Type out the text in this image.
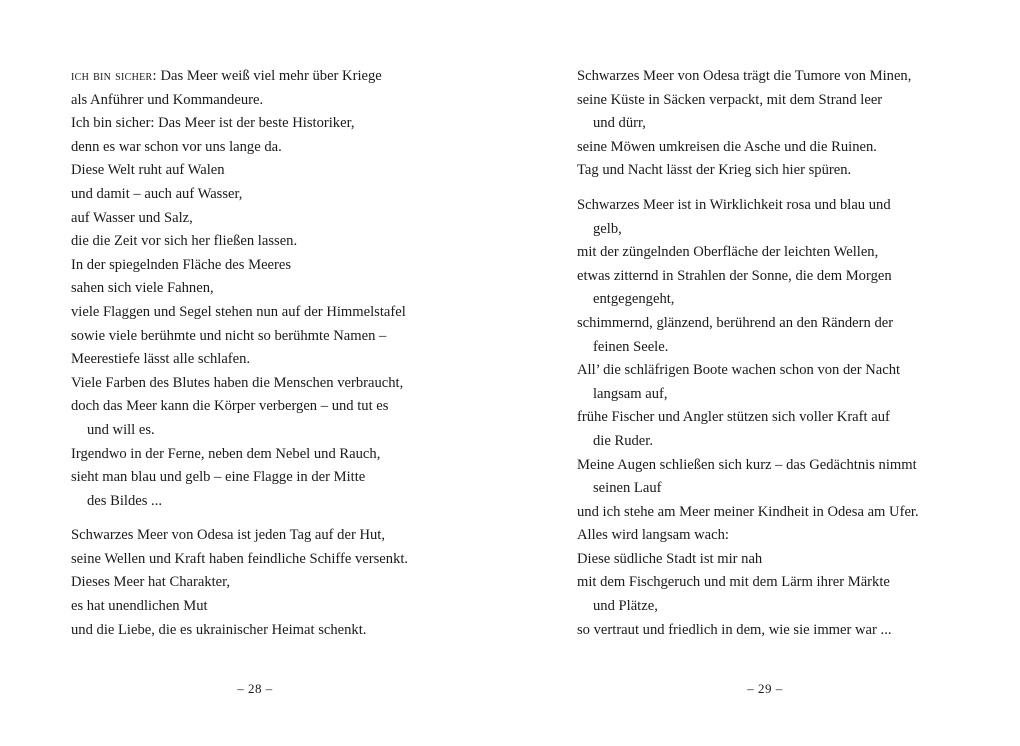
ich bin sicher: Das Meer weiß viel mehr über Kriege
als Anführer und Kommandeure.
Ich bin sicher: Das Meer ist der beste Historiker,
denn es war schon vor uns lange da.
Diese Welt ruht auf Walen
und damit – auch auf Wasser,
auf Wasser und Salz,
die die Zeit vor sich her fließen lassen.
In der spiegelnden Fläche des Meeres
sahen sich viele Fahnen,
viele Flaggen und Segel stehen nun auf der Himmelstafel
sowie viele berühmte und nicht so berühmte Namen –
Meerestiefe lässt alle schlafen.
Viele Farben des Blutes haben die Menschen verbraucht,
doch das Meer kann die Körper verbergen – und tut es
und will es.
Irgendwo in der Ferne, neben dem Nebel und Rauch,
sieht man blau und gelb – eine Flagge in der Mitte
des Bildes ...
Schwarzes Meer von Odesa ist jeden Tag auf der Hut,
seine Wellen und Kraft haben feindliche Schiffe versenkt.
Dieses Meer hat Charakter,
es hat unendlichen Mut
und die Liebe, die es ukrainischer Heimat schenkt.
– 28 –
Schwarzes Meer von Odesa trägt die Tumore von Minen,
seine Küste in Säcken verpackt, mit dem Strand leer
und dürr,
seine Möwen umkreisen die Asche und die Ruinen.
Tag und Nacht lässt der Krieg sich hier spüren.
Schwarzes Meer ist in Wirklichkeit rosa und blau und
gelb,
mit der züngelnden Oberfläche der leichten Wellen,
etwas zitternd in Strahlen der Sonne, die dem Morgen
entgegengeht,
schimmernd, glänzend, berührend an den Rändern der
feinen Seele.
All’ die schläfrigen Boote wachen schon von der Nacht
langsam auf,
frühe Fischer und Angler stützen sich voller Kraft auf
die Ruder.
Meine Augen schließen sich kurz – das Gedächtnis nimmt
seinen Lauf
und ich stehe am Meer meiner Kindheit in Odesa am Ufer.
Alles wird langsam wach:
Diese südliche Stadt ist mir nah
mit dem Fischgeruch und mit dem Lärm ihrer Märkte
und Plätze,
so vertraut und friedlich in dem, wie sie immer war ...
– 29 –
